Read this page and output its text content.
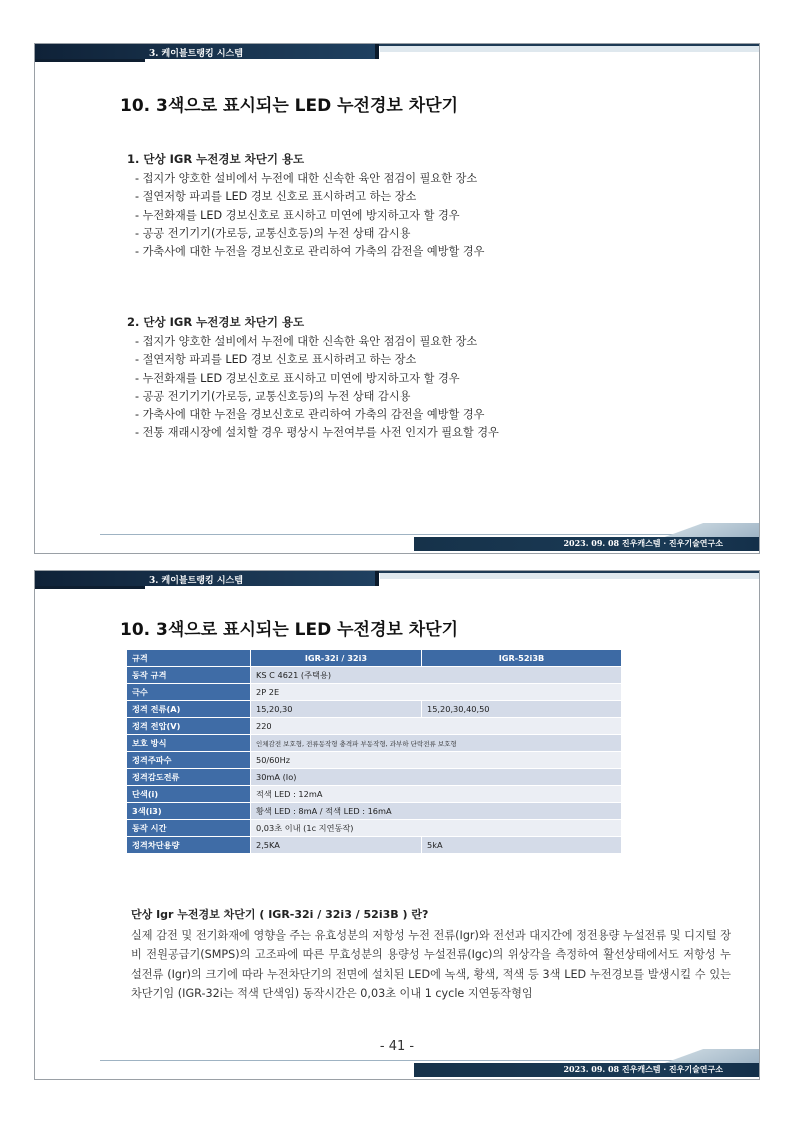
3. 케이블트랭킹 시스템
10. 3색으로 표시되는 LED 누전경보 차단기
1. 단상 IGR 누전경보 차단기 용도
- 접지가 양호한 설비에서 누전에 대한 신속한 육안 점검이 필요한 장소
- 절연저항 파괴를 LED 경보 신호로 표시하려고 하는 장소
- 누전화재를 LED 경보신호로 표시하고 미연에 방지하고자 할 경우
- 공공 전기기기(가로등, 교통신호등)의 누전 상태 감시용
- 가축사에 대한 누전을 경보신호로 관리하여 가축의 감전을 예방할 경우
2. 단상 IGR 누전경보 차단기 용도
- 접지가 양호한 설비에서 누전에 대한 신속한 육안 점검이 필요한 장소
- 절연저항 파괴를 LED 경보 신호로 표시하려고 하는 장소
- 누전화재를 LED 경보신호로 표시하고 미연에 방지하고자 할 경우
- 공공 전기기기(가로등, 교통신호등)의 누전 상태 감시용
- 가축사에 대한 누전을 경보신호로 관리하여 가축의 감전을 예방할 경우
- 전통 재래시장에 설치할 경우 평상시 누전여부를 사전 인지가 필요할 경우
2023. 09. 08 진우캐스템 · 진우기술연구소
3. 케이블트랭킹 시스템
10. 3색으로 표시되는 LED 누전경보 차단기
규격	IGR-32i / 32i3	IGR-52i3B
동작 규격	KS C 4621 (주택용)	
극수	2P 2E	
정격 전류(A)	15,20,30	15,20,30,40,50
정격 전압(V)	220	
보호 방식	인체감전 보호형, 전류동작형 충격파 부동작형, 과부하 단락전류 보호형	
정격주파수	50/60Hz	
정격감도전류	30mA (Io)	
단색(i)	적색 LED : 12mA	
3색(i3)	황색 LED : 8mA / 적색 LED : 16mA	
동작 시간	0,03초 이내 (1c 지연동작)	
정격차단용량	2,5KA	5kA
단상 Igr 누전경보 차단기 ( IGR-32i / 32i3 / 52i3B ) 란?
실제 감전 및 전기화재에 영향을 주는 유효성분의 저항성 누전 전류(Igr)와 전선과 대지간에 정전용량 누설전류 및 디지털 장비 전원공급기(SMPS)의 고조파에 따른 무효성분의 용량성 누설전류(Igc)의 위상각을 측정하여 활선상태에서도 저항성 누설전류 (Igr)의 크기에 따라 누전차단기의 전면에 설치된 LED에 녹색, 황색, 적색 등 3색 LED 누전경보를 발생시킬 수 있는 차단기임 (IGR-32i는 적색 단색임) 동작시간은 0,03초 이내 1 cycle 지연동작형임
- 41 -
2023. 09. 08 진우캐스템 · 진우기술연구소
